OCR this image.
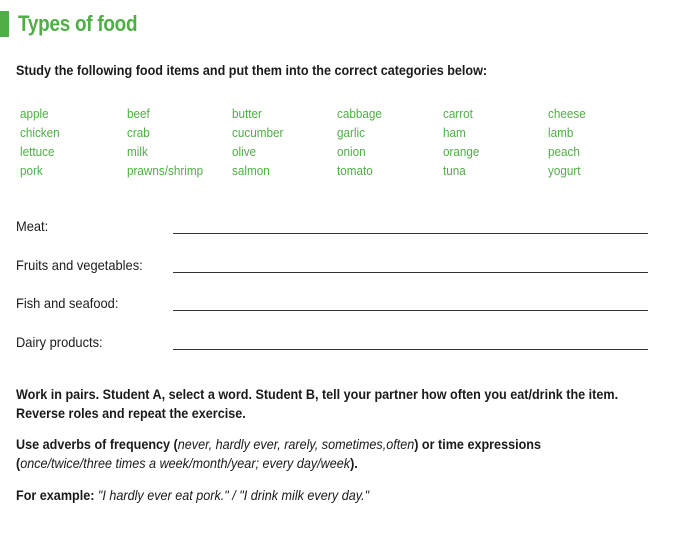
Types of food
Study the following food items and put them into the correct categories below:
apple	beef	butter	cabbage	carrot	cheese
chicken	crab	cucumber	garlic	ham	lamb
lettuce	milk	olive	onion	orange	peach
pork	prawns/shrimp	salmon	tomato	tuna	yogurt
Meat:
Fruits and vegetables:
Fish and seafood:
Dairy products:
Work in pairs. Student A, select a word. Student B, tell your partner how often you eat/drink the item.
Reverse roles and repeat the exercise.
Use adverbs of frequency (never, hardly ever, rarely, sometimes,often) or time expressions
(once/twice/three times a week/month/year; every day/week).
For example: "I hardly ever eat pork." / "I drink milk every day."
